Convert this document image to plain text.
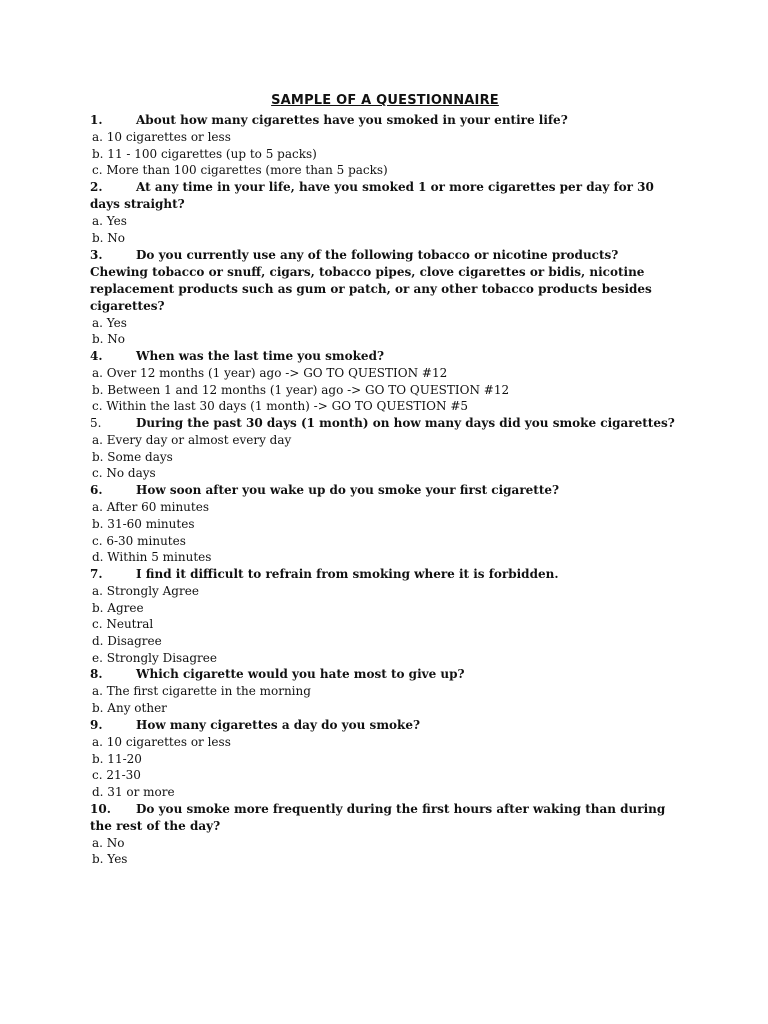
SAMPLE OF A QUESTIONNAIRE

1.	About how many cigarettes have you smoked in your entire life?

a. 10 cigarettes or less

b. 11 - 100 cigarettes (up to 5 packs)

c. More than 100 cigarettes (more than 5 packs)

2.	At any time in your life, have you smoked 1 or more cigarettes per day for 30 days straight?

a. Yes

b. No

3.	Do you currently use any of the following tobacco or nicotine products? Chewing tobacco or snuff, cigars, tobacco pipes, clove cigarettes or bidis, nicotine replacement products such as gum or patch, or any other tobacco products besides cigarettes?

a. Yes

b. No

4.	When was the last time you smoked?

a. Over 12 months (1 year) ago -> GO TO QUESTION #12

b. Between 1 and 12 months (1 year) ago -> GO TO QUESTION #12

c. Within the last 30 days (1 month) -> GO TO QUESTION #5

5.	During the past 30 days (1 month) on how many days did you smoke cigarettes?

a. Every day or almost every day

b. Some days

c. No days

6.	How soon after you wake up do you smoke your first cigarette?

a. After 60 minutes

b. 31-60 minutes

c. 6-30 minutes

d. Within 5 minutes

7.	I find it difficult to refrain from smoking where it is forbidden.

a. Strongly Agree

b. Agree

c. Neutral

d. Disagree

e. Strongly Disagree

8.	Which cigarette would you hate most to give up?

a. The first cigarette in the morning

b. Any other

9.	How many cigarettes a day do you smoke?

a. 10 cigarettes or less

b. 11-20

c. 21-30

d. 31 or more

10. Do you smoke more frequently during the first hours after waking than during the rest of the day?

a. No

b. Yes
